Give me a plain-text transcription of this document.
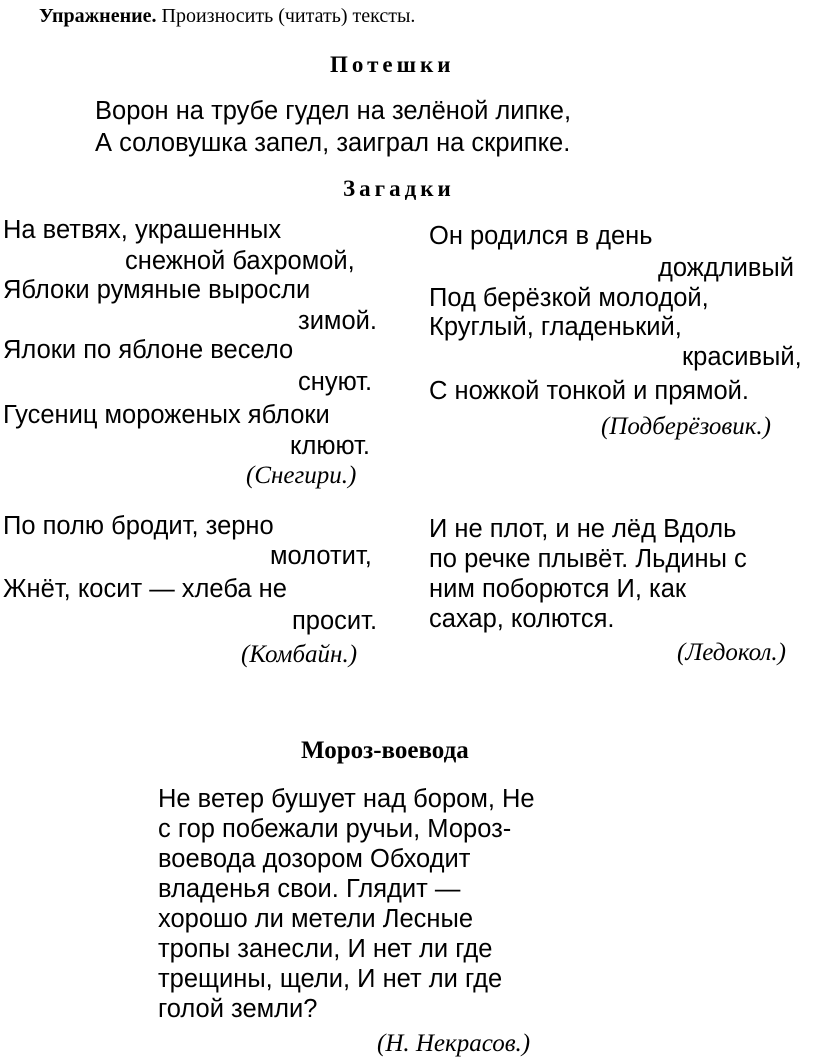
Упражнение. Произносить (читать) тексты.
Потешки
Ворон на трубе гудел на зелёной липке,
А соловушка запел, заиграл на скрипке.
Загадки
На ветвях, украшенных
снежной бахромой,
Яблоки румяные выросли
зимой.
Ялоки по яблоне весело
снуют.
Гусениц мороженых яблоки
клюют.
(Снегири.)
Он родился в день
дождливый
Под берёзкой молодой,
Круглый, гладенький,
красивый,
С ножкой тонкой и прямой.
(Подберёзовик.)
По полю бродит, зерно
молотит,
Жнёт, косит — хлеба не
просит.
(Комбайн.)
И не плот, и не лёд Вдоль
по речке плывёт. Льдины с
ним поборются И, как
сахар, колются.
(Ледокол.)
Мороз-воевода
Не ветер бушует над бором, Не
с гор побежали ручьи, Мороз-
воевода дозором Обходит
владенья свои. Глядит —
хорошо ли метели Лесные
тропы занесли, И нет ли где
трещины, щели, И нет ли где
голой земли?
(Н. Некрасов.)
